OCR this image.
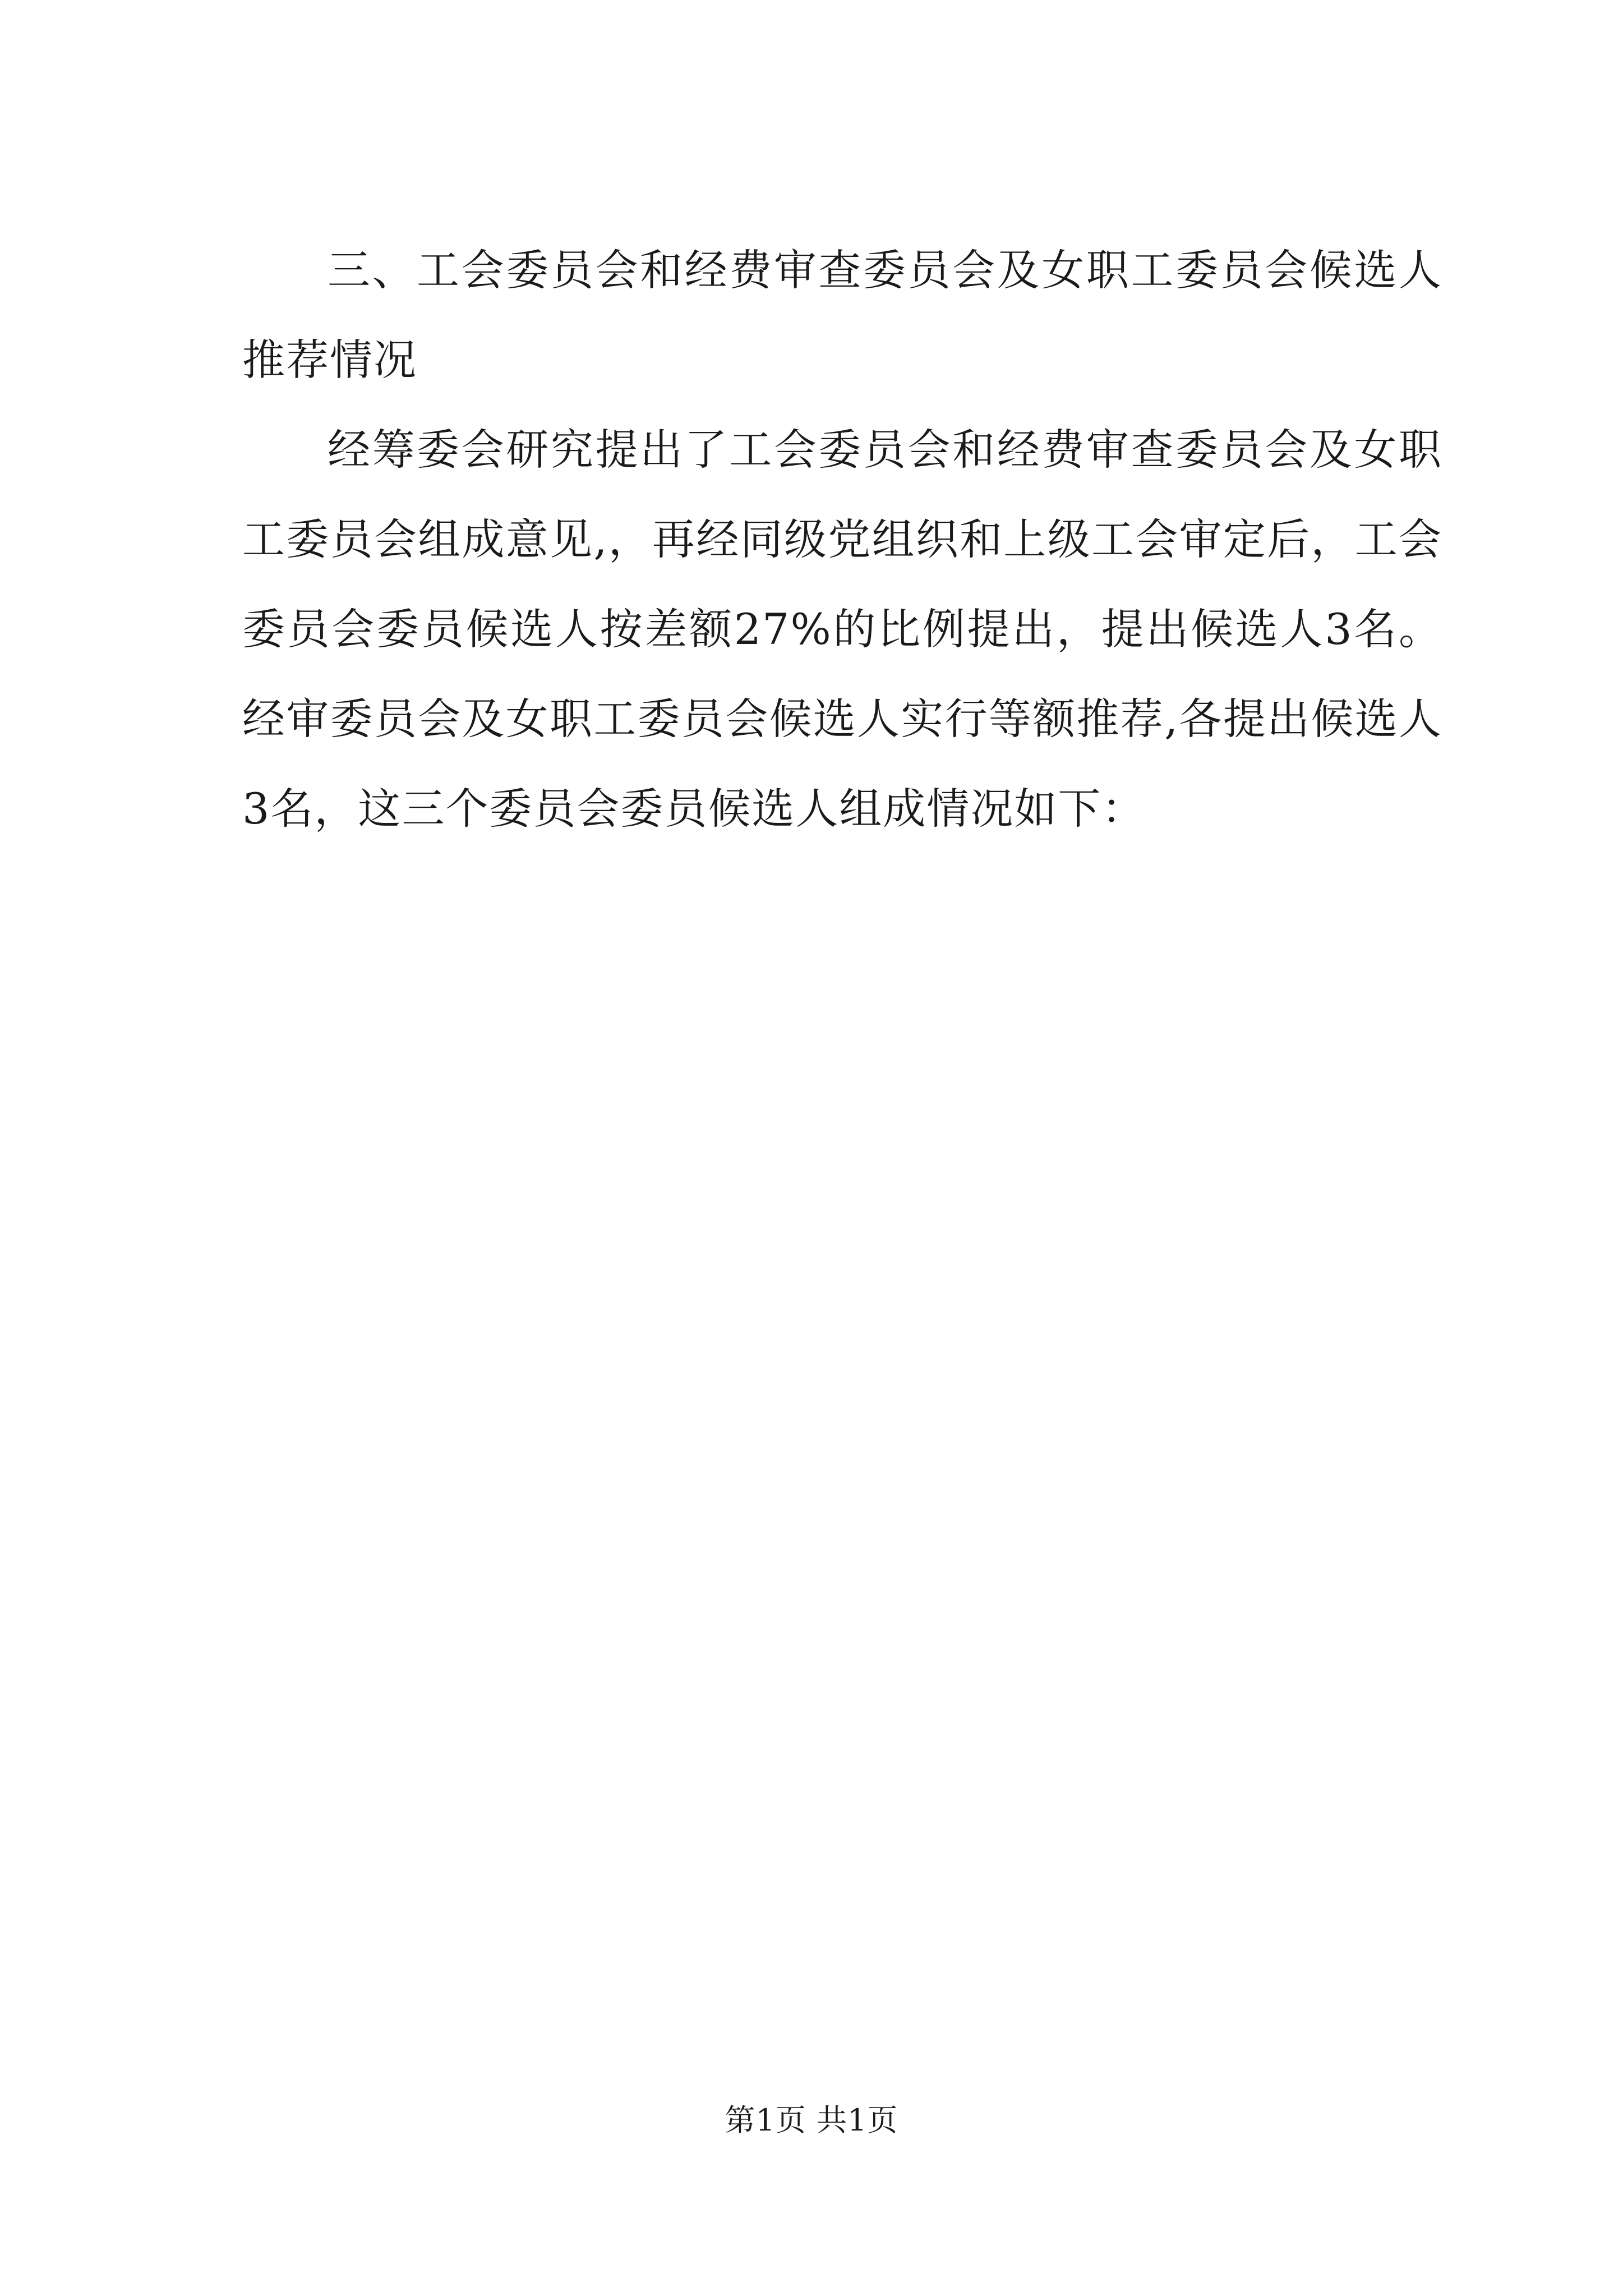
三、工会委员会和经费审查委员会及女职工委员会候选人推荐情况

经筹委会研究提出了工会委员会和经费审查委员会及女职工委员会组成意见,，再经同级党组织和上级工会审定后，工会委员会委员候选人按差额27%的比例提出，提出候选人3名。经审委员会及女职工委员会候选人实行等额推荐,各提出候选人3名，这三个委员会委员候选人组成情况如下：

第1页 共1页
